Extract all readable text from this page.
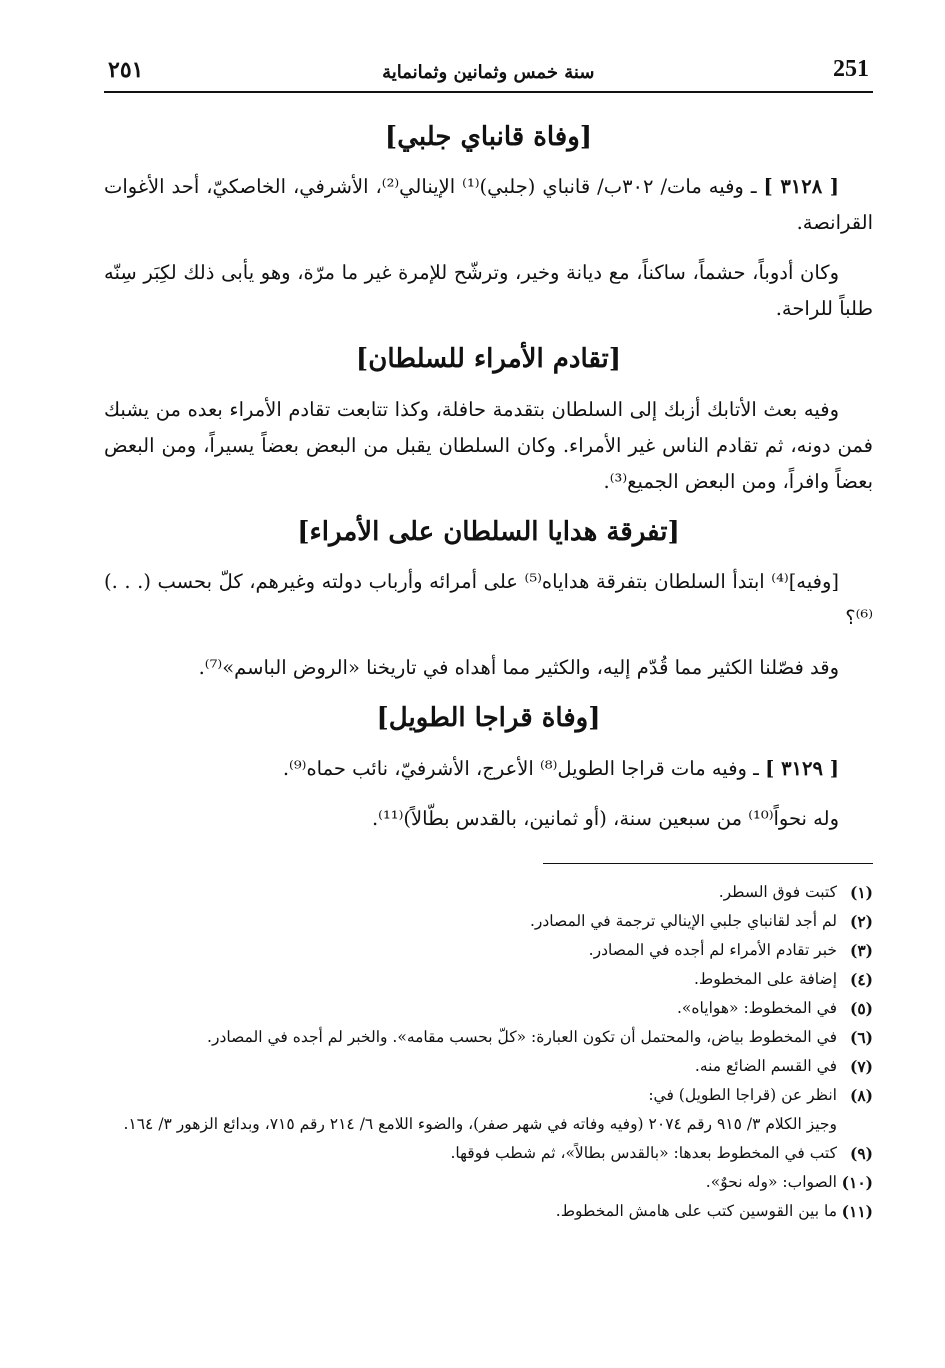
251
سنة خمس وثمانين وثمانماية
٢٥١
[وفاة قانباي جلبي]

[ ٣١٢٨ ] ـ وفيه مات/ ٣٠٢ب/ قانباي (جلبي)⁽¹⁾ الإينالي⁽²⁾، الأشرفي، الخاصكيّ، أحد الأغوات القرانصة.

وكان أدوباً، حشماً، ساكناً، مع ديانة وخير، وترشّح للإمرة غير ما مرّة، وهو يأبى ذلك لكِبَر سِنّه طلباً للراحة.

[تقادم الأمراء للسلطان]

وفيه بعث الأتابك أزبك إلى السلطان بتقدمة حافلة، وكذا تتابعت تقادم الأمراء بعده من يشبك فمن دونه، ثم تقادم الناس غير الأمراء. وكان السلطان يقبل من البعض بعضاً يسيراً، ومن البعض بعضاً وافراً، ومن البعض الجميع⁽³⁾.

[تفرقة هدايا السلطان على الأمراء]

[وفيه]⁽⁴⁾ ابتدأ السلطان بتفرقة هداياه⁽⁵⁾ على أمرائه وأرباب دولته وغيرهم، كلّ بحسب (. . .)⁽⁶⁾؟

وقد فصّلنا الكثير مما قُدّم إليه، والكثير مما أهداه في تاريخنا «الروض الباسم»⁽⁷⁾.

[وفاة قراجا الطويل]

[ ٣١٢٩ ] ـ وفيه مات قراجا الطويل⁽⁸⁾ الأعرج، الأشرفيّ، نائب حماه⁽⁹⁾.

وله نحواً⁽¹⁰⁾ من سبعين سنة، (أو ثمانين، بالقدس بطّالاً)⁽¹¹⁾.

(١)
كتبت فوق السطر.
(٢)
لم أجد لقانباي جلبي الإينالي ترجمة في المصادر.
(٣)
خبر تقادم الأمراء لم أجده في المصادر.
(٤)
إضافة على المخطوط.
(٥)
في المخطوط: «هواياه».
(٦)
في المخطوط بياض، والمحتمل أن تكون العبارة: «كلّ بحسب مقامه». والخبر لم أجده في المصادر.
(٧)
في القسم الضائع منه.
(٨)
انظر عن (قراجا الطويل) في:
وجيز الكلام ٣/ ٩١٥ رقم ٢٠٧٤ (وفيه وفاته في شهر صفر)، والضوء اللامع ٦/ ٢١٤ رقم ٧١٥، وبدائع الزهور ٣/ ١٦٤.
(٩)
كتب في المخطوط بعدها: «بالقدس بطالاً»، ثم شطب فوقها.
(١٠)
الصواب: «وله نحوٌ».
(١١)
ما بين القوسين كتب على هامش المخطوط.
